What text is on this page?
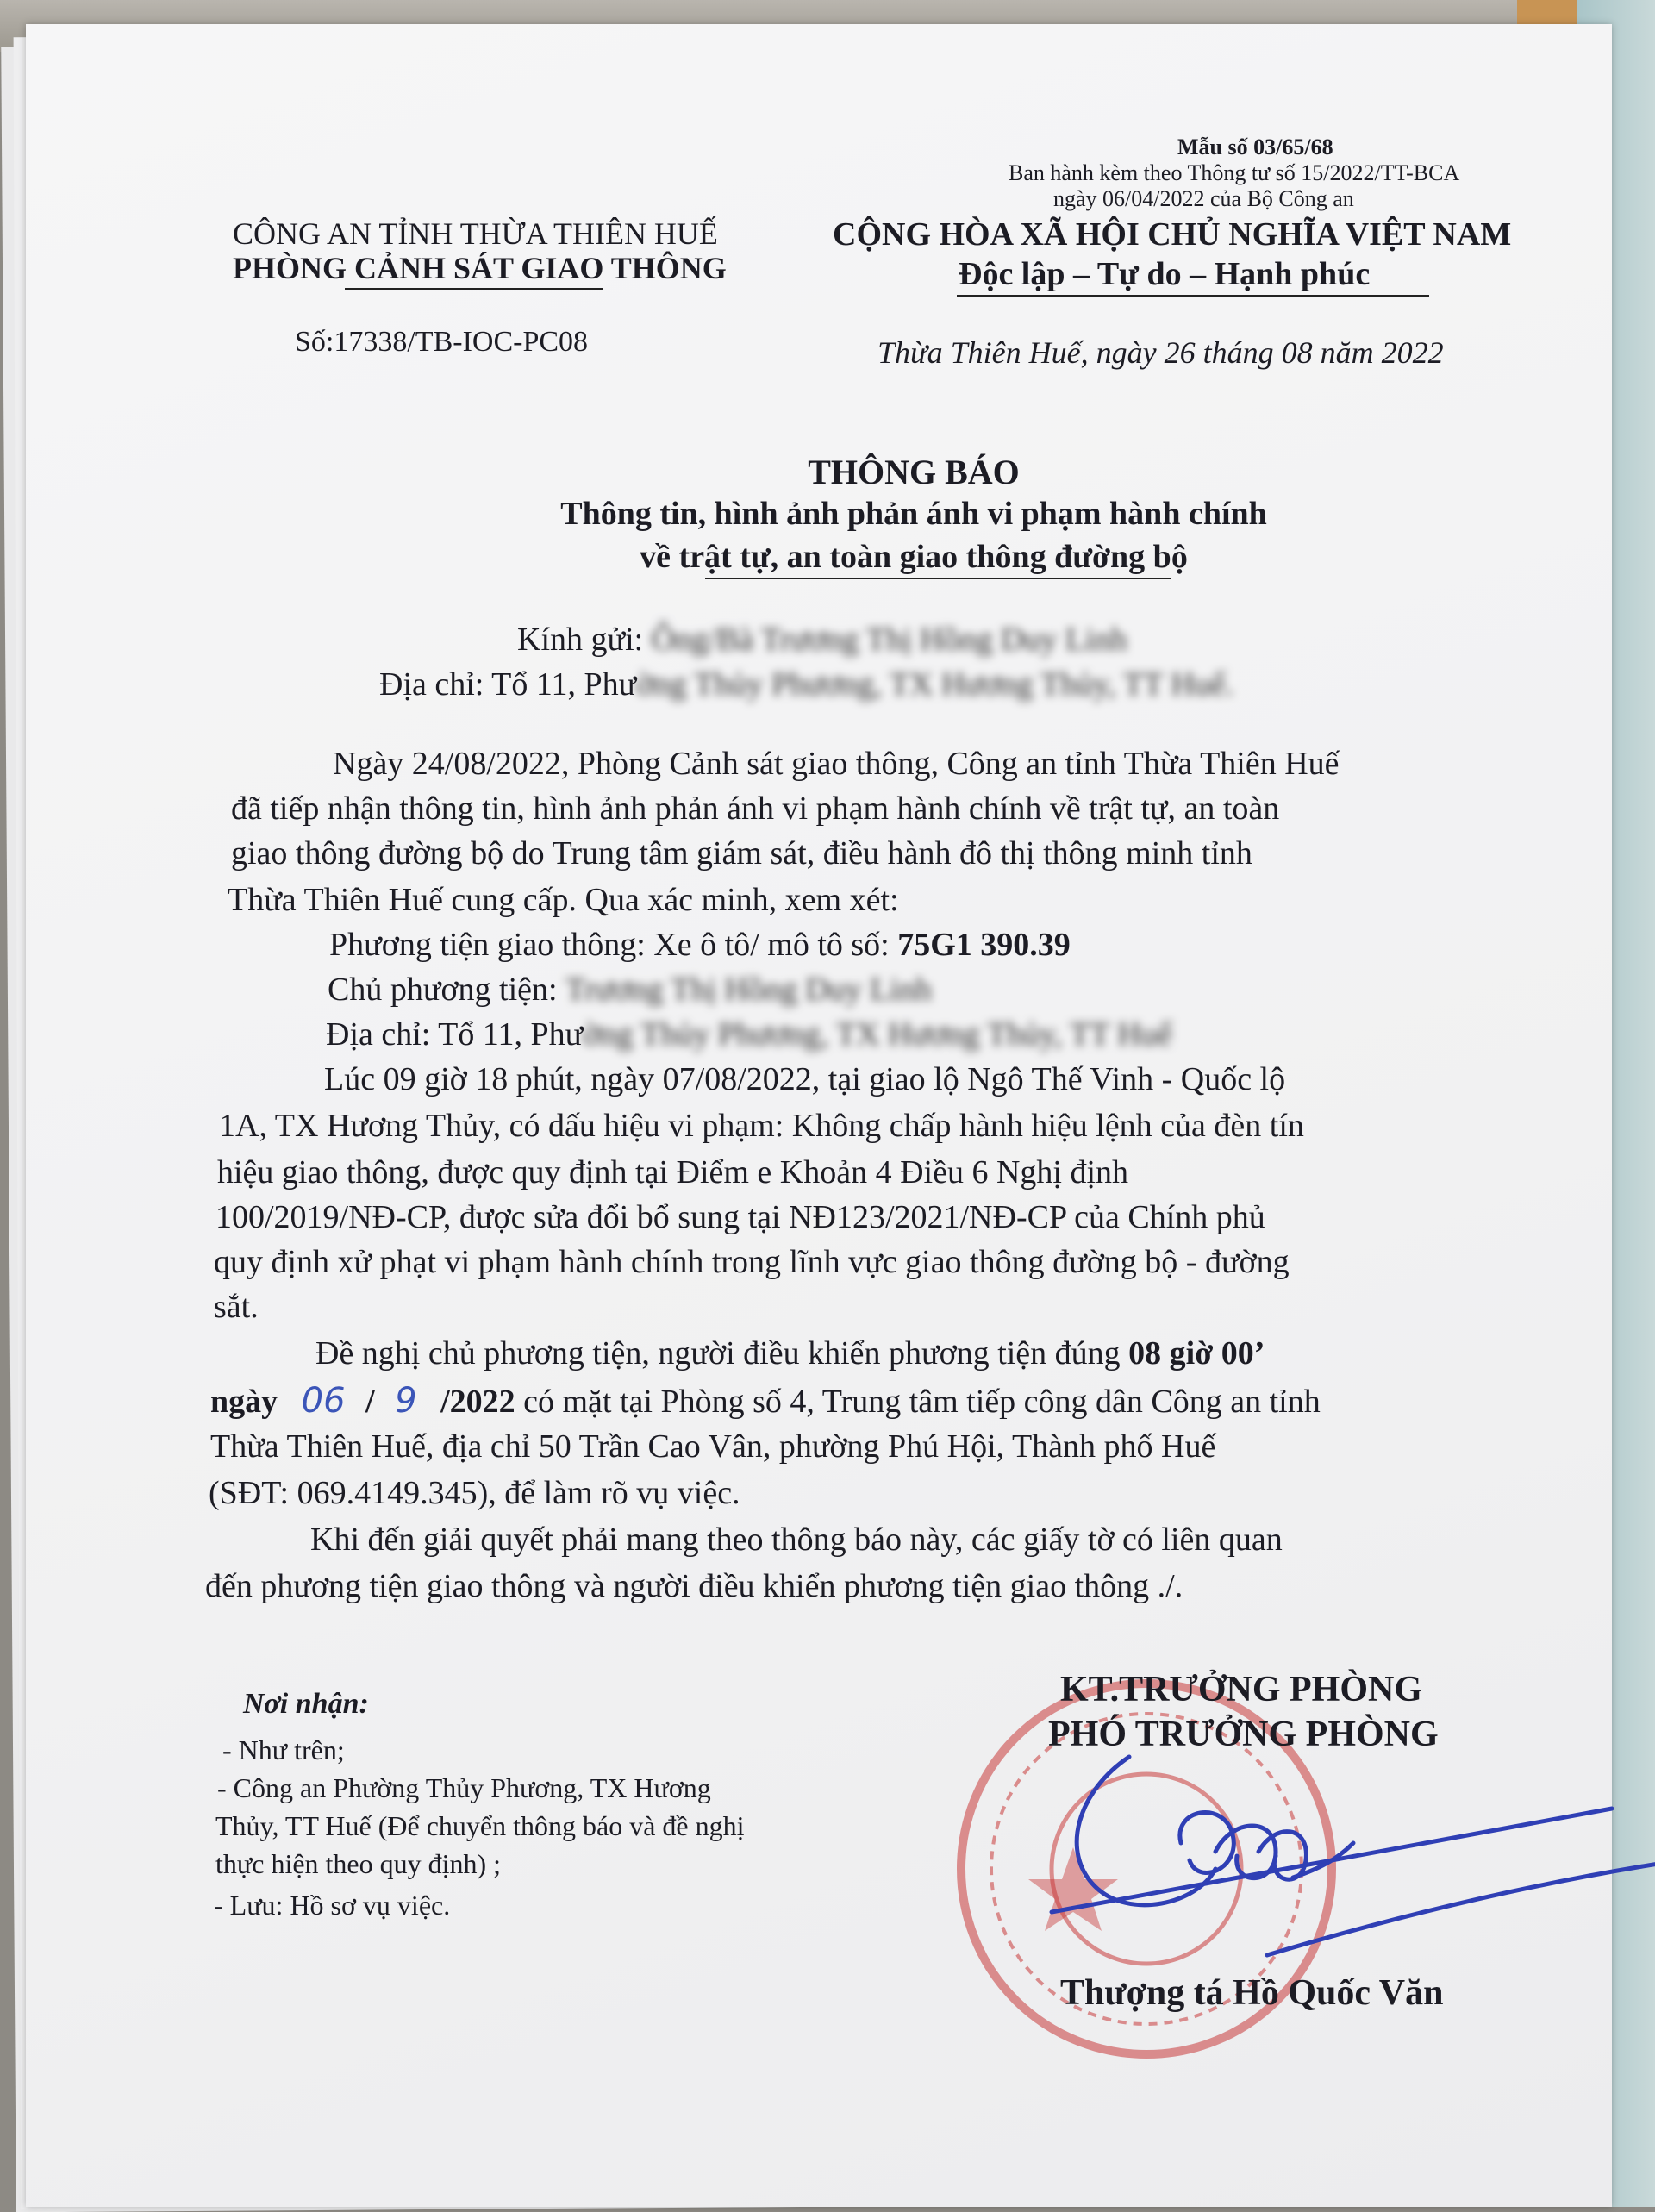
Mẫu số 03/65/68
Ban hành kèm theo Thông tư số 15/2022/TT-BCA
ngày 06/04/2022 của Bộ Công an
CÔNG AN TỈNH THỪA THIÊN HUẾ
PHÒNG CẢNH SÁT GIAO THÔNG
CỘNG HÒA XÃ HỘI CHỦ NGHĨA VIỆT NAM
Độc lập – Tự do – Hạnh phúc
Số:17338/TB-IOC-PC08	Thừa Thiên Huế, ngày 26 tháng 08 năm 2022
THÔNG BÁO
Thông tin, hình ảnh phản ánh vi phạm hành chính
về trật tự, an toàn giao thông đường bộ
Kính gửi: Ông/Bà Trương Thị Hồng Duy Linh
Địa chỉ: Tổ 11, Phường Thủy Phương, TX Hương Thủy, TT Huế.
Ngày 24/08/2022, Phòng Cảnh sát giao thông, Công an tỉnh Thừa Thiên Huế
đã tiếp nhận thông tin, hình ảnh phản ánh vi phạm hành chính về trật tự, an toàn
giao thông đường bộ do Trung tâm giám sát, điều hành đô thị thông minh tỉnh
Thừa Thiên Huế cung cấp. Qua xác minh, xem xét:
Phương tiện giao thông: Xe ô tô/ mô tô số: 75G1 390.39
Chủ phương tiện: Trương Thị Hồng Duy Linh
Địa chỉ: Tổ 11, Phường Thủy Phương, TX Hương Thủy, TT Huế
Lúc 09 giờ 18 phút, ngày 07/08/2022, tại giao lộ Ngô Thế Vinh - Quốc lộ
1A, TX Hương Thủy, có dấu hiệu vi phạm: Không chấp hành hiệu lệnh của đèn tín
hiệu giao thông, được quy định tại Điểm e Khoản 4 Điều 6 Nghị định
100/2019/NĐ-CP, được sửa đổi bổ sung tại NĐ123/2021/NĐ-CP của Chính phủ
quy định xử phạt vi phạm hành chính trong lĩnh vực giao thông đường bộ - đường
sắt.
Đề nghị chủ phương tiện, người điều khiển phương tiện đúng 08 giờ 00’
ngày 06 / 9 /2022 có mặt tại Phòng số 4, Trung tâm tiếp công dân Công an tỉnh
Thừa Thiên Huế, địa chỉ 50 Trần Cao Vân, phường Phú Hội, Thành phố Huế
(SĐT: 069.4149.345), để làm rõ vụ việc.
Khi đến giải quyết phải mang theo thông báo này, các giấy tờ có liên quan
đến phương tiện giao thông và người điều khiển phương tiện giao thông ./.
Nơi nhận:
- Như trên;
- Công an Phường Thủy Phương, TX Hương
Thủy, TT Huế (Để chuyển thông báo và đề nghị
thực hiện theo quy định) ;
- Lưu: Hồ sơ vụ việc.
KT.TRƯỞNG PHÒNG
PHÓ TRƯỞNG PHÒNG
Thượng tá Hồ Quốc Văn
